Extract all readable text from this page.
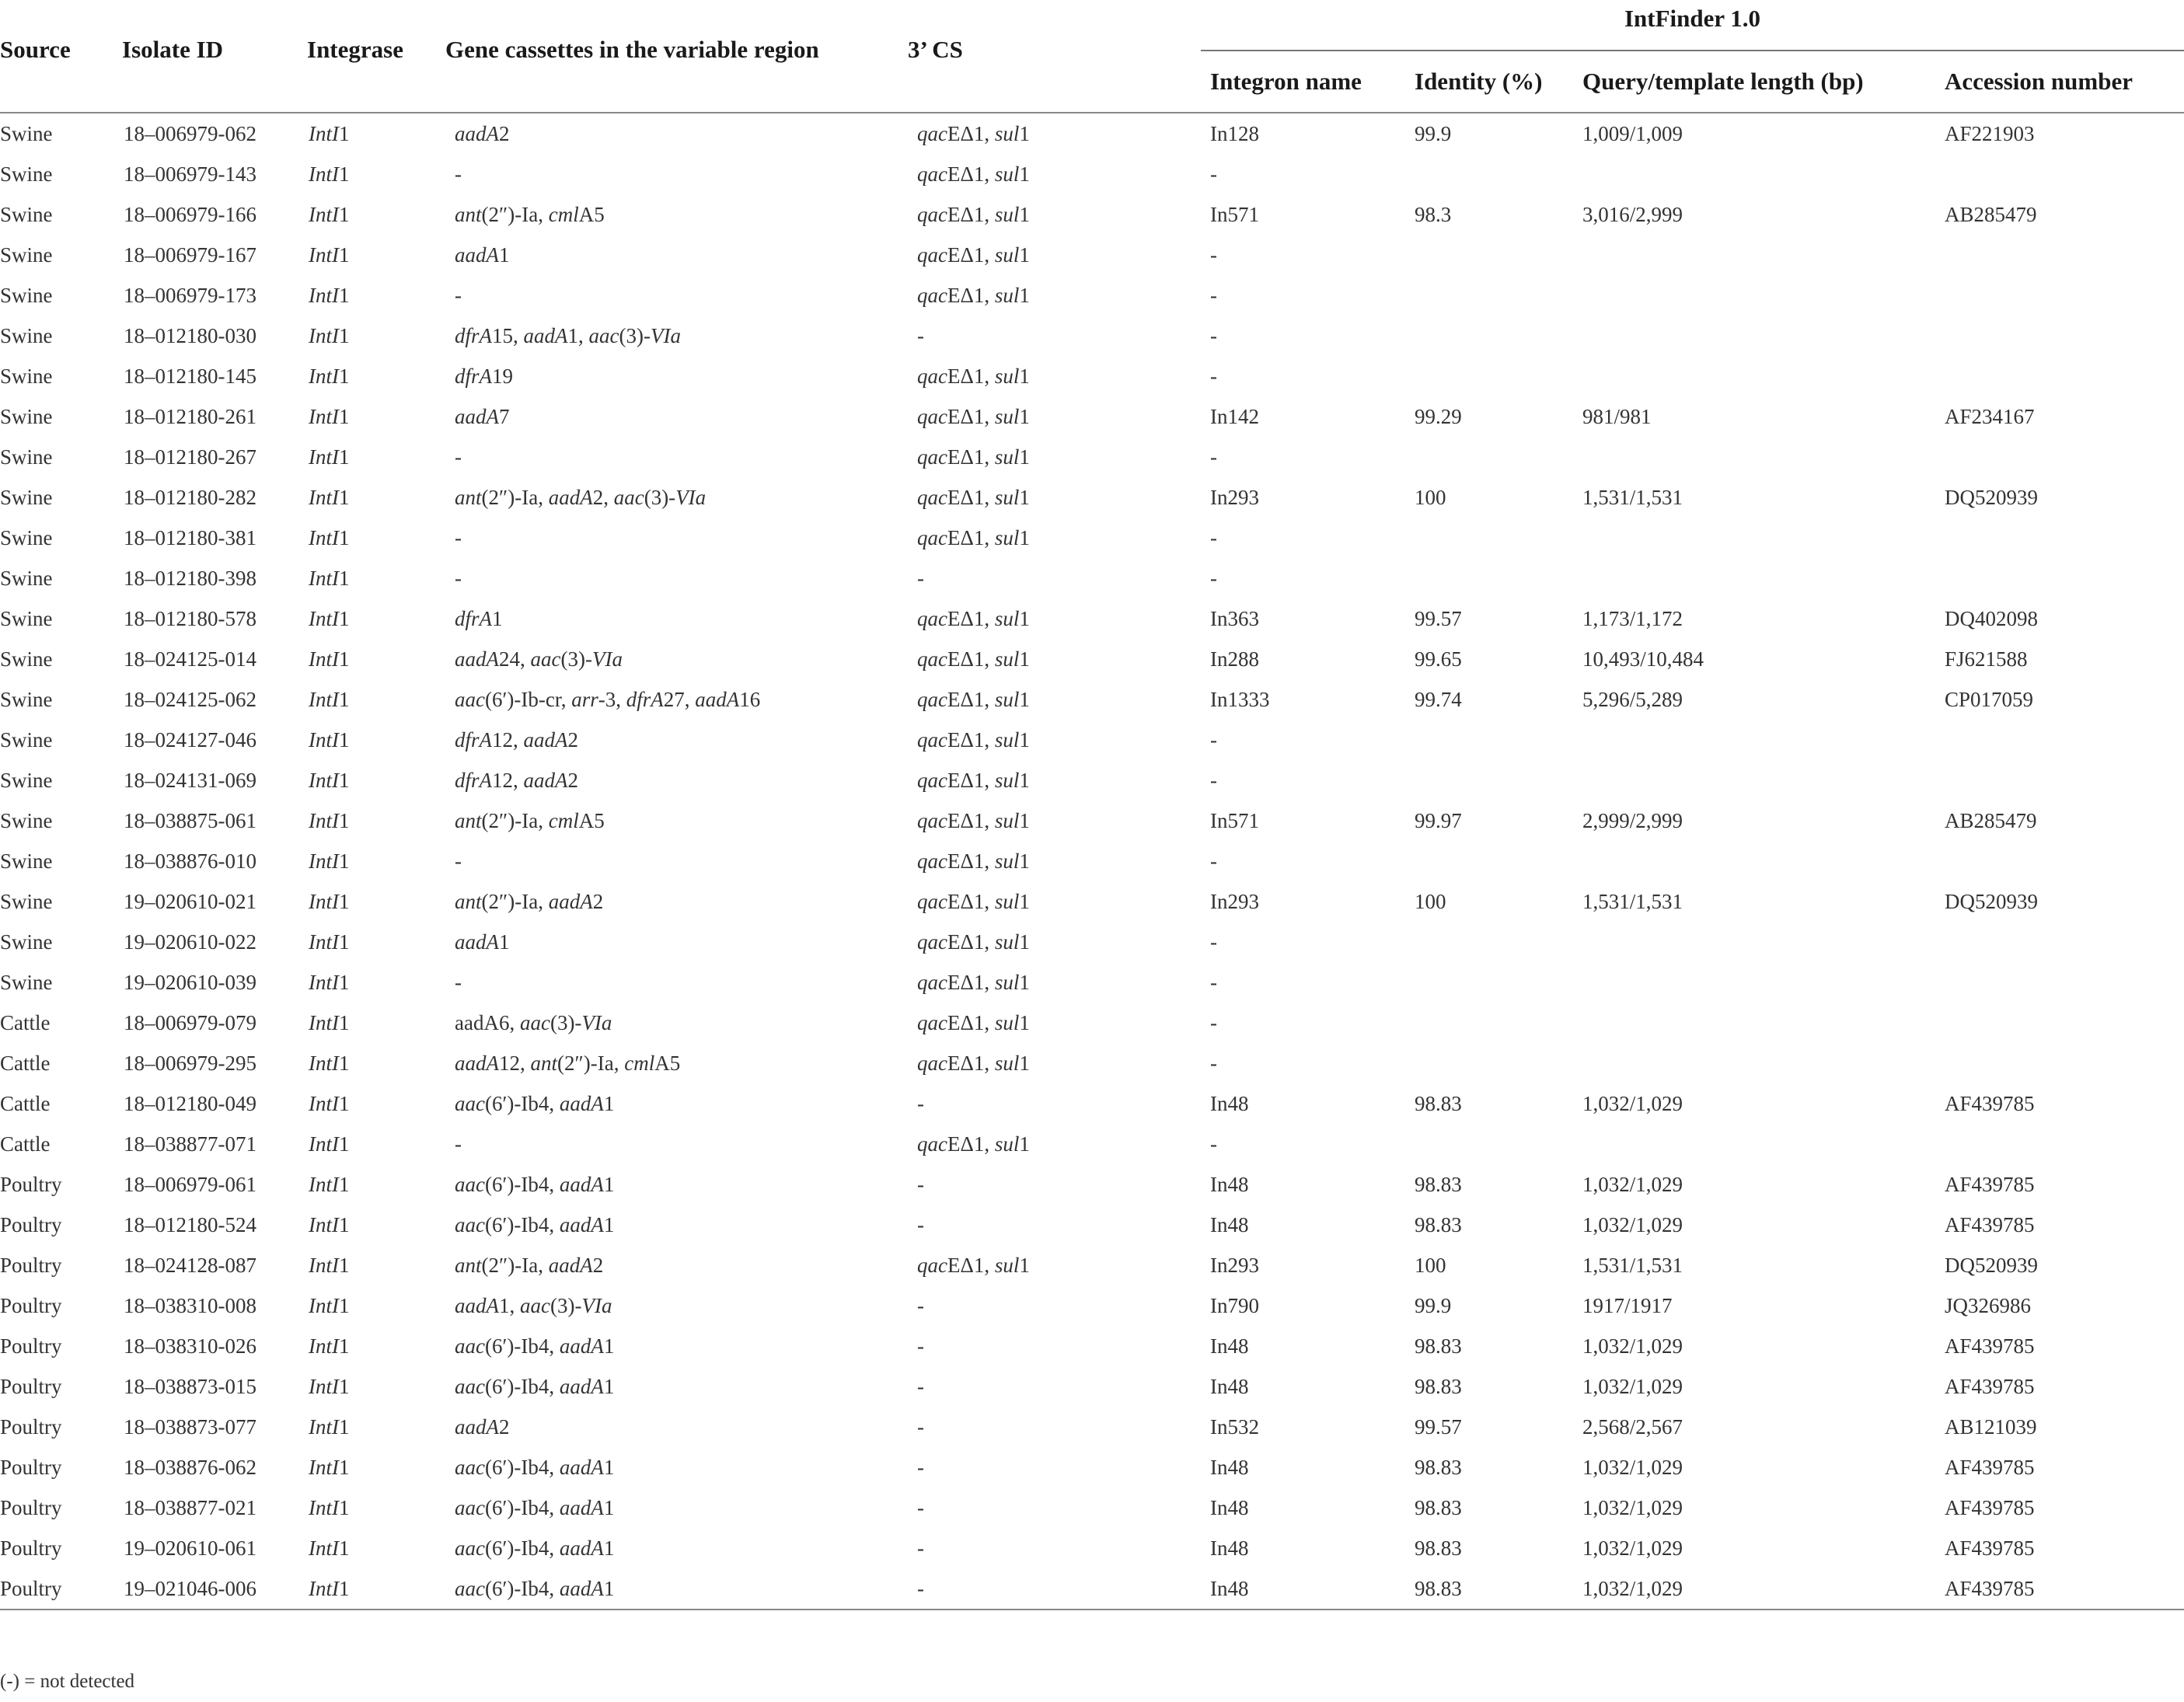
Source	Isolate ID	Integrase	Gene cassettes in the variable region	3’ CS	IntFinder 1.0			
					Integron name	Identity (%)	Query/template length (bp)	Accession number
Swine	18–006979-062	IntI1	aadA2	qacEΔ1, sul1	In128	99.9	1,009/1,009	AF221903
Swine	18–006979-143	IntI1	-	qacEΔ1, sul1	-			
Swine	18–006979-166	IntI1	ant(2″)-Ia, cmlA5	qacEΔ1, sul1	In571	98.3	3,016/2,999	AB285479
Swine	18–006979-167	IntI1	aadA1	qacEΔ1, sul1	-			
Swine	18–006979-173	IntI1	-	qacEΔ1, sul1	-			
Swine	18–012180-030	IntI1	dfrA15, aadA1, aac(3)-VIa	-	-			
Swine	18–012180-145	IntI1	dfrA19	qacEΔ1, sul1	-			
Swine	18–012180-261	IntI1	aadA7	qacEΔ1, sul1	In142	99.29	981/981	AF234167
Swine	18–012180-267	IntI1	-	qacEΔ1, sul1	-			
Swine	18–012180-282	IntI1	ant(2″)-Ia, aadA2, aac(3)-VIa	qacEΔ1, sul1	In293	100	1,531/1,531	DQ520939
Swine	18–012180-381	IntI1	-	qacEΔ1, sul1	-			
Swine	18–012180-398	IntI1	-	-	-			
Swine	18–012180-578	IntI1	dfrA1	qacEΔ1, sul1	In363	99.57	1,173/1,172	DQ402098
Swine	18–024125-014	IntI1	aadA24, aac(3)-VIa	qacEΔ1, sul1	In288	99.65	10,493/10,484	FJ621588
Swine	18–024125-062	IntI1	aac(6′)-Ib-cr, arr-3, dfrA27, aadA16	qacEΔ1, sul1	In1333	99.74	5,296/5,289	CP017059
Swine	18–024127-046	IntI1	dfrA12, aadA2	qacEΔ1, sul1	-			
Swine	18–024131-069	IntI1	dfrA12, aadA2	qacEΔ1, sul1	-			
Swine	18–038875-061	IntI1	ant(2″)-Ia, cmlA5	qacEΔ1, sul1	In571	99.97	2,999/2,999	AB285479
Swine	18–038876-010	IntI1	-	qacEΔ1, sul1	-			
Swine	19–020610-021	IntI1	ant(2″)-Ia, aadA2	qacEΔ1, sul1	In293	100	1,531/1,531	DQ520939
Swine	19–020610-022	IntI1	aadA1	qacEΔ1, sul1	-			
Swine	19–020610-039	IntI1	-	qacEΔ1, sul1	-			
Cattle	18–006979-079	IntI1	aadA6, aac(3)-VIa	qacEΔ1, sul1	-			
Cattle	18–006979-295	IntI1	aadA12, ant(2″)-Ia, cmlA5	qacEΔ1, sul1	-			
Cattle	18–012180-049	IntI1	aac(6′)-Ib4, aadA1	-	In48	98.83	1,032/1,029	AF439785
Cattle	18–038877-071	IntI1	-	qacEΔ1, sul1	-			
Poultry	18–006979-061	IntI1	aac(6′)-Ib4, aadA1	-	In48	98.83	1,032/1,029	AF439785
Poultry	18–012180-524	IntI1	aac(6′)-Ib4, aadA1	-	In48	98.83	1,032/1,029	AF439785
Poultry	18–024128-087	IntI1	ant(2″)-Ia, aadA2	qacEΔ1, sul1	In293	100	1,531/1,531	DQ520939
Poultry	18–038310-008	IntI1	aadA1, aac(3)-VIa	-	In790	99.9	1917/1917	JQ326986
Poultry	18–038310-026	IntI1	aac(6′)-Ib4, aadA1	-	In48	98.83	1,032/1,029	AF439785
Poultry	18–038873-015	IntI1	aac(6′)-Ib4, aadA1	-	In48	98.83	1,032/1,029	AF439785
Poultry	18–038873-077	IntI1	aadA2	-	In532	99.57	2,568/2,567	AB121039
Poultry	18–038876-062	IntI1	aac(6′)-Ib4, aadA1	-	In48	98.83	1,032/1,029	AF439785
Poultry	18–038877-021	IntI1	aac(6′)-Ib4, aadA1	-	In48	98.83	1,032/1,029	AF439785
Poultry	19–020610-061	IntI1	aac(6′)-Ib4, aadA1	-	In48	98.83	1,032/1,029	AF439785
Poultry	19–021046-006	IntI1	aac(6′)-Ib4, aadA1	-	In48	98.83	1,032/1,029	AF439785
(-) = not detected
